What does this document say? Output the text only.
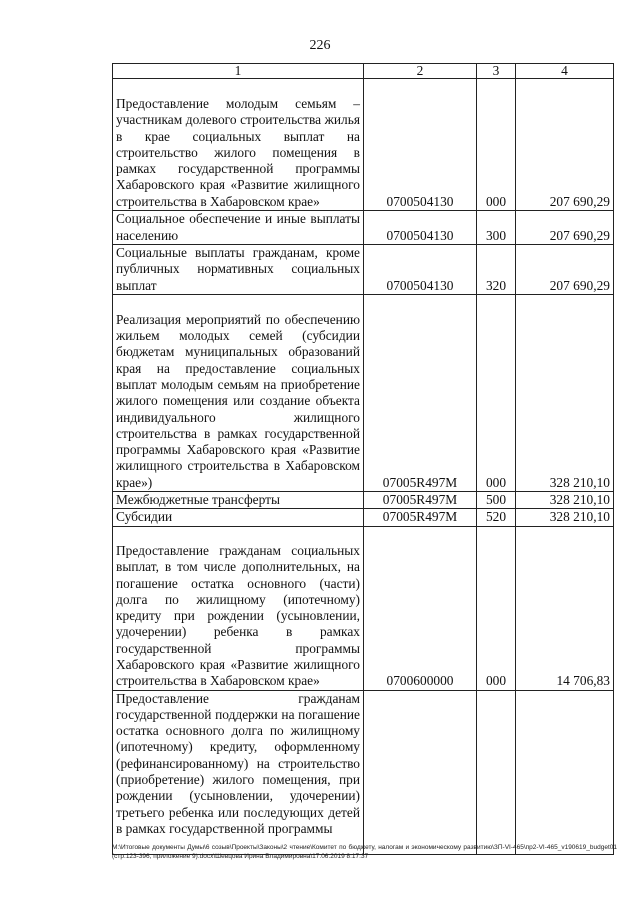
226
1	2	3	4
Предоставление молодым семьям – участникам долевого строительства жилья в крае социальных выплат на строительство жилого помещения в рамках государственной программы Хабаровского края «Развитие жилищного строительства в Хабаровском крае»	0700504130	000	207 690,29
Социальное обеспечение и иные выплаты населению	0700504130	300	207 690,29
Социальные выплаты гражданам, кроме публичных нормативных социальных выплат	0700504130	320	207 690,29
Реализация мероприятий по обеспечению жильем молодых семей (субсидии бюджетам муниципальных образований края на предоставление социальных выплат молодым семьям на приобретение жилого помещения или создание объекта индивидуального жилищного строительства в рамках государственной программы Хабаровского края «Развитие жилищного строительства в Хабаровском крае»)	07005R497M	000	328 210,10
Межбюджетные трансферты	07005R497M	500	328 210,10
Субсидии	07005R497M	520	328 210,10
Предоставление гражданам социальных выплат, в том числе дополнительных, на погашение остатка основного (части) долга по жилищному (ипотечному) кредиту при рождении (усыновлении, удочерении) ребенка в рамках государственной программы Хабаровского края «Развитие жилищного строительства в Хабаровском крае»	0700600000	000	14 706,83
Предоставление гражданам государственной поддержки на погашение остатка основного долга по жилищному (ипотечному) кредиту, оформленному (рефинансированному) на строительство (приобретение) жилого помещения, при рождении (усыновлении, удочерении) третьего ребенка или последующих детей в рамках государственной программы			
M:\Итоговые документы Думы\6 созыв\Проекты\Законы\2 чтение\Комитет по бюджету, налогам и экономическому развитию\ЗП-VI-465\пр2-VI-465_v190619_budget01 (стр.123-396, приложение 9).docx\Шевцова Ирина Владимировна\17.06.2019 8:17:37
